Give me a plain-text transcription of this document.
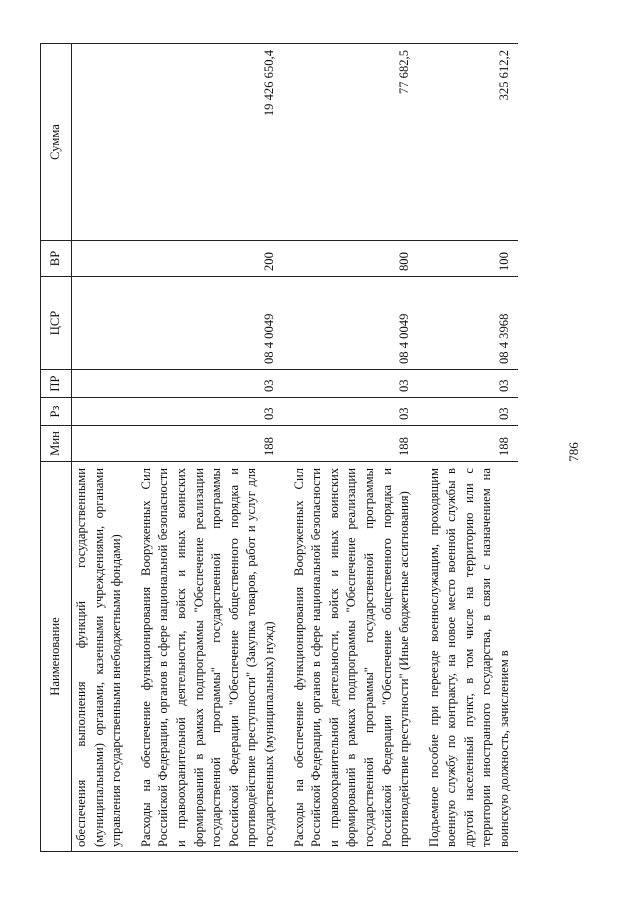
786
Наименование	Мин	Рз	ПР	ЦСР	ВР	Сумма
обеспечения выполнения функций государственными (муниципальными) органами, казенными учреждениями, органами управления государственными внебюджетными фондами)						
Расходы на обеспечение функционирования Вооруженных Сил Российской Федерации, органов в сфере национальной безопасности и правоохранительной деятельности, войск и иных воинских формирований в рамках подпрограммы "Обеспечение реализации государственной программы" государственной программы Российской Федерации "Обеспечение общественного порядка и противодействие преступности" (Закупка товаров, работ и услуг для государственных (муниципальных) нужд)	188	03	03	08 4 0049	200	19 426 650,4
Расходы на обеспечение функционирования Вооруженных Сил Российской Федерации, органов в сфере национальной безопасности и правоохранительной деятельности, войск и иных воинских формирований в рамках подпрограммы "Обеспечение реализации государственной программы" государственной программы Российской Федерации "Обеспечение общественного порядка и противодействие преступности" (Иные бюджетные ассигнования)	188	03	03	08 4 0049	800	77 682,5
Подъемное пособие при переезде военнослужащим, проходящим военную службу по контракту, на новое место военной службы в другой населенный пункт, в том числе на территорию или с территории иностранного государства, в связи с назначением на воинскую должность, зачислением в	188	03	03	08 4 3968	100	325 612,2
